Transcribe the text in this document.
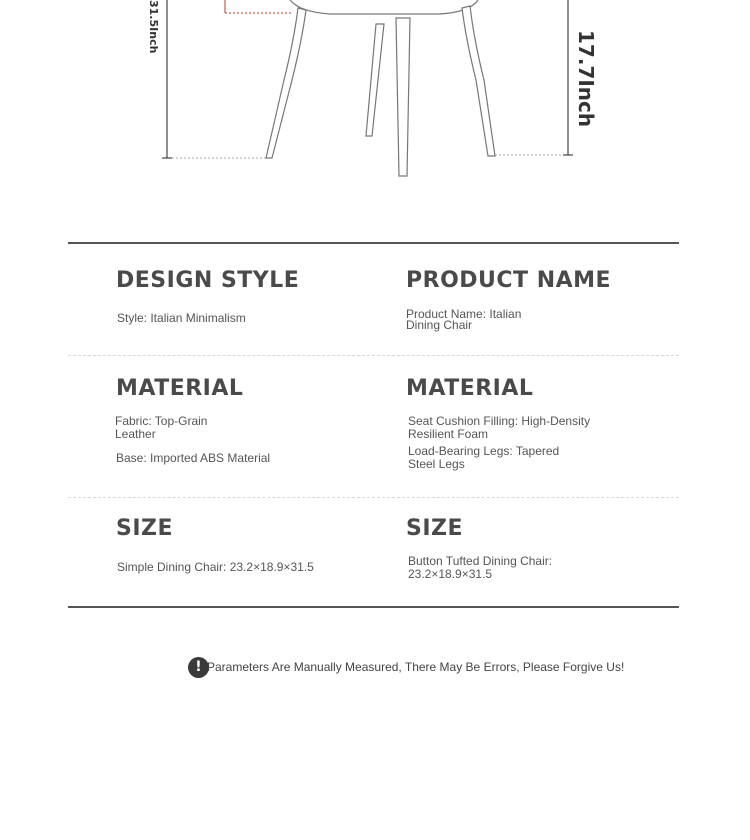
31.5Inch
17.7Inch
DESIGN STYLE
Style: Italian Minimalism
PRODUCT NAME
Product Name: Italian
Dining Chair
MATERIAL
Fabric: Top-Grain
Leather
Base: Imported ABS Material
MATERIAL
Seat Cushion Filling: High-Density
Resilient Foam
Load-Bearing Legs: Tapered
Steel Legs
SIZE
Simple Dining Chair: 23.2×18.9×31.5
SIZE
Button Tufted Dining Chair:
23.2×18.9×31.5
! Parameters Are Manually Measured, There May Be Errors, Please Forgive Us!
